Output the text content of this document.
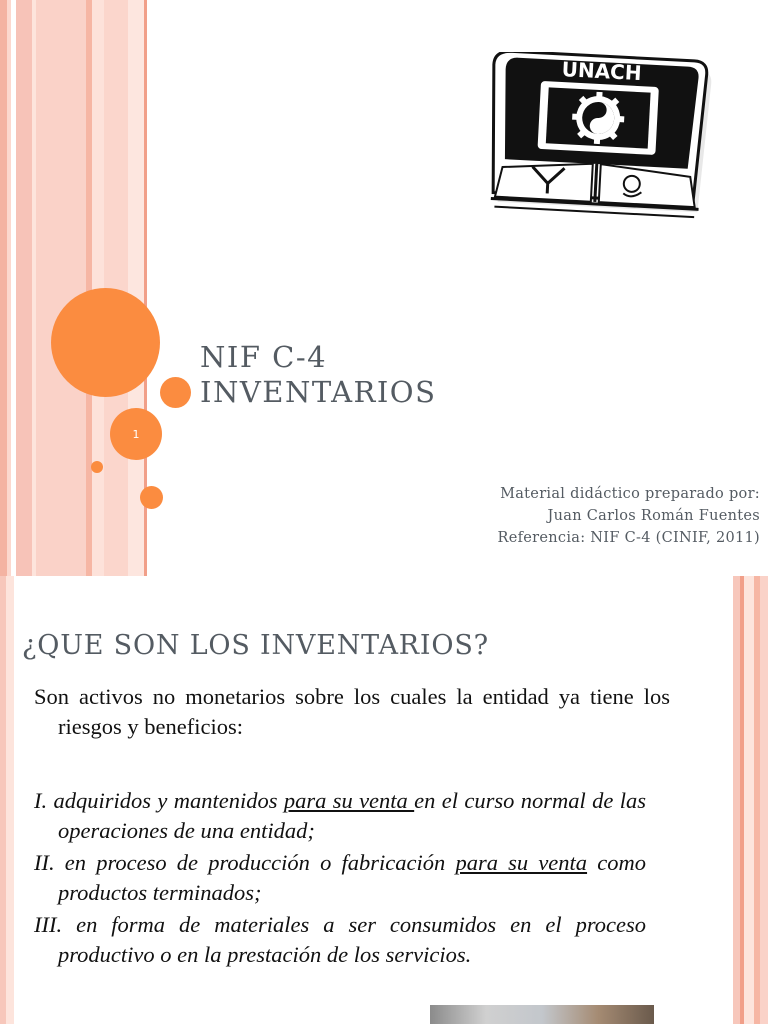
UNACH
1
NIF C-4
INVENTARIOS
Material didáctico preparado por:
Juan Carlos Román Fuentes
Referencia: NIF C-4 (CINIF, 2011)
¿QUE SON LOS INVENTARIOS?
Son activos no monetarios sobre los cuales la entidad ya tiene los riesgos y beneficios:
I. adquiridos y mantenidos para su venta en el curso normal de las operaciones de una entidad;
II. en proceso de producción o fabricación para su venta como productos terminados;
III. en forma de materiales a ser consumidos en el proceso productivo o en la prestación de los servicios.
